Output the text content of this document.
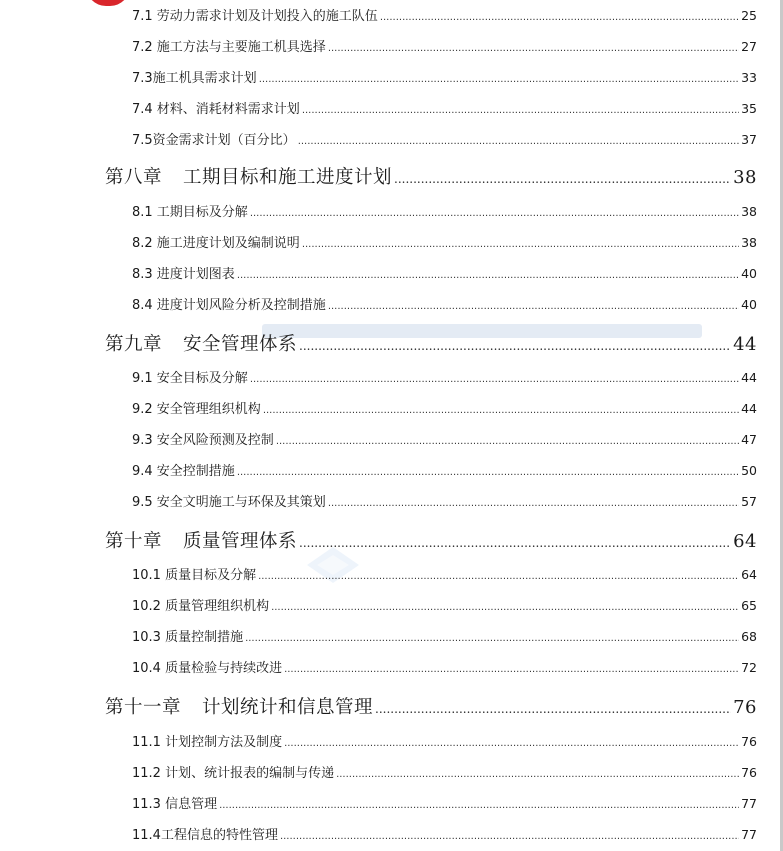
7.1 劳动力需求计划及计划投入的施工队伍 .....	25
7.2 施工方法与主要施工机具选择 .....	27
7.3施工机具需求计划 .....	33
7.4 材料、消耗材料需求计划 .....	35
7.5资金需求计划（百分比） .....	37
第八章 工期目标和施工进度计划 .....	38
8.1 工期目标及分解 .....	38
8.2 施工进度计划及编制说明 .....	38
8.3 进度计划图表 .....	40
8.4 进度计划风险分析及控制措施 .....	40
第九章 安全管理体系 .....	44
9.1 安全目标及分解 .....	44
9.2 安全管理组织机构 .....	44
9.3 安全风险预测及控制 .....	47
9.4 安全控制措施 .....	50
9.5 安全文明施工与环保及其策划 .....	57
第十章 质量管理体系 .....	64
10.1 质量目标及分解 .....	64
10.2 质量管理组织机构 .....	65
10.3 质量控制措施 .....	68
10.4 质量检验与持续改进 .....	72
第十一章 计划统计和信息管理 .....	76
11.1 计划控制方法及制度 .....	76
11.2 计划、统计报表的编制与传递 .....	76
11.3 信息管理 .....	77
11.4工程信息的特性管理 .....	77
